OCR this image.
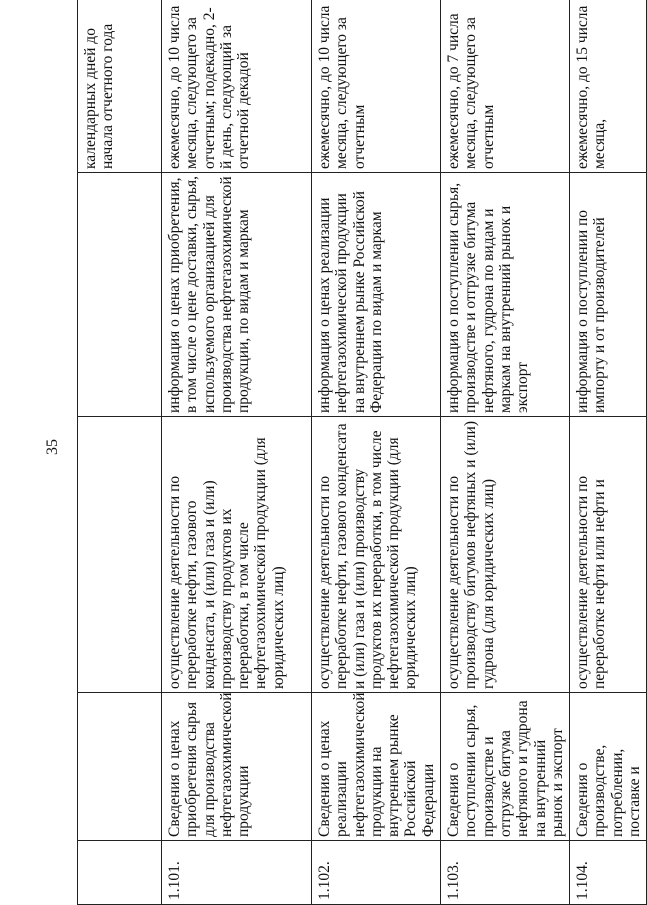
35
				календарных дней до начала отчетного года
1.101.	Сведения о ценах приобретения сырья для производства нефтегазохимической продукции	осуществление деятельности по переработке нефти, газового конденсата, и (или) газа и (или) производству продуктов их переработки, в том числе нефтегазохимической продукции (для юридических лиц)	информация о ценах приобретения, в том числе о цене доставки, сырья, используемого организацией для производства нефтегазохимической продукции, по видам и маркам	ежемесячно, до 10 числа месяца, следующего за отчетным; подекадно, 2-й день, следующий за отчетной декадой
1.102.	Сведения о ценах реализации нефтегазохимической продукции на внутреннем рынке Российской Федерации	осуществление деятельности по переработке нефти, газового конденсата и (или) газа и (или) производству продуктов их переработки, в том числе нефтегазохимической продукции (для юридических лиц)	информация о ценах реализации нефтегазохимической продукции на внутреннем рынке Российской Федерации по видам и маркам	ежемесячно, до 10 числа месяца, следующего за отчетным
1.103.	Сведения о поступлении сырья, производстве и отгрузке битума нефтяного и гудрона на внутренний рынок и экспорт	осуществление деятельности по производству битумов нефтяных и (или) гудрона (для юридических лиц)	информация о поступлении сырья, производстве и отгрузке битума нефтяного, гудрона по видам и маркам на внутренний рынок и экспорт	ежемесячно, до 7 числа месяца, следующего за отчетным
1.104.	Сведения о производстве, потреблении, поставке и	осуществление деятельности по переработке нефти или нефти и	информация о поступлении по импорту и от производителей	ежемесячно, до 15 числа месяца,
